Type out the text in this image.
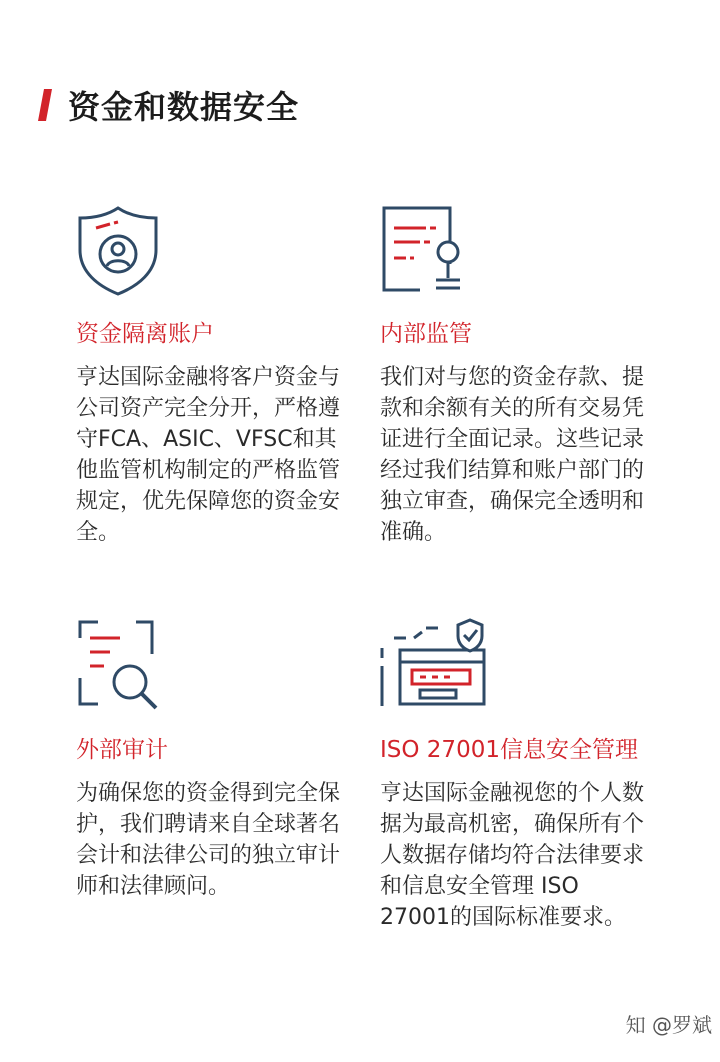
资金和数据安全
资金隔离账户
亨达国际金融将客户资金与公司资产完全分开，严格遵守FCA、ASIC、VFSC和其他监管机构制定的严格监管规定，优先保障您的资金安全。
内部监管
我们对与您的资金存款、提款和余额有关的所有交易凭证进行全面记录。这些记录经过我们结算和账户部门的独立审查，确保完全透明和准确。
外部审计
为确保您的资金得到完全保护，我们聘请来自全球著名会计和法律公司的独立审计师和法律顾问。
ISO 27001信息安全管理
亨达国际金融视您的个人数据为最高机密，确保所有个人数据存储均符合法律要求和信息安全管理 ISO 27001的国际标准要求。
知 @罗斌
